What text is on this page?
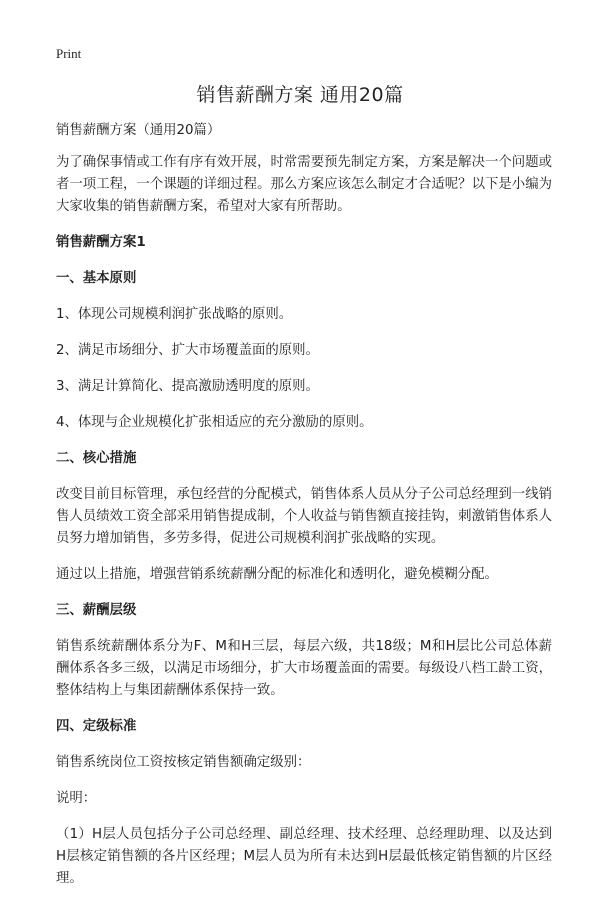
Print
销售薪酬方案 通用20篇
销售薪酬方案（通用20篇）
为了确保事情或工作有序有效开展，时常需要预先制定方案，方案是解决一个问题或者一项工程，一个课题的详细过程。那么方案应该怎么制定才合适呢？以下是小编为大家收集的销售薪酬方案，希望对大家有所帮助。
销售薪酬方案1
一、基本原则
1、体现公司规模利润扩张战略的原则。
2、满足市场细分、扩大市场覆盖面的原则。
3、满足计算简化、提高激励透明度的原则。
4、体现与企业规模化扩张相适应的充分激励的原则。
二、核心措施
改变目前目标管理，承包经营的分配模式，销售体系人员从分子公司总经理到一线销售人员绩效工资全部采用销售提成制，个人收益与销售额直接挂钩，刺激销售体系人员努力增加销售，多劳多得，促进公司规模利润扩张战略的实现。
通过以上措施，增强营销系统薪酬分配的标准化和透明化，避免模糊分配。
三、薪酬层级
销售系统薪酬体系分为F、M和H三层，每层六级，共18级；M和H层比公司总体薪酬体系各多三级，以满足市场细分，扩大市场覆盖面的需要。每级设八档工龄工资，整体结构上与集团薪酬体系保持一致。
四、定级标准
销售系统岗位工资按核定销售额确定级别：
说明：
（1）H层人员包括分子公司总经理、副总经理、技术经理、总经理助理、以及达到H层核定销售额的各片区经理；M层人员为所有未达到H层最低核定销售额的片区经理。
